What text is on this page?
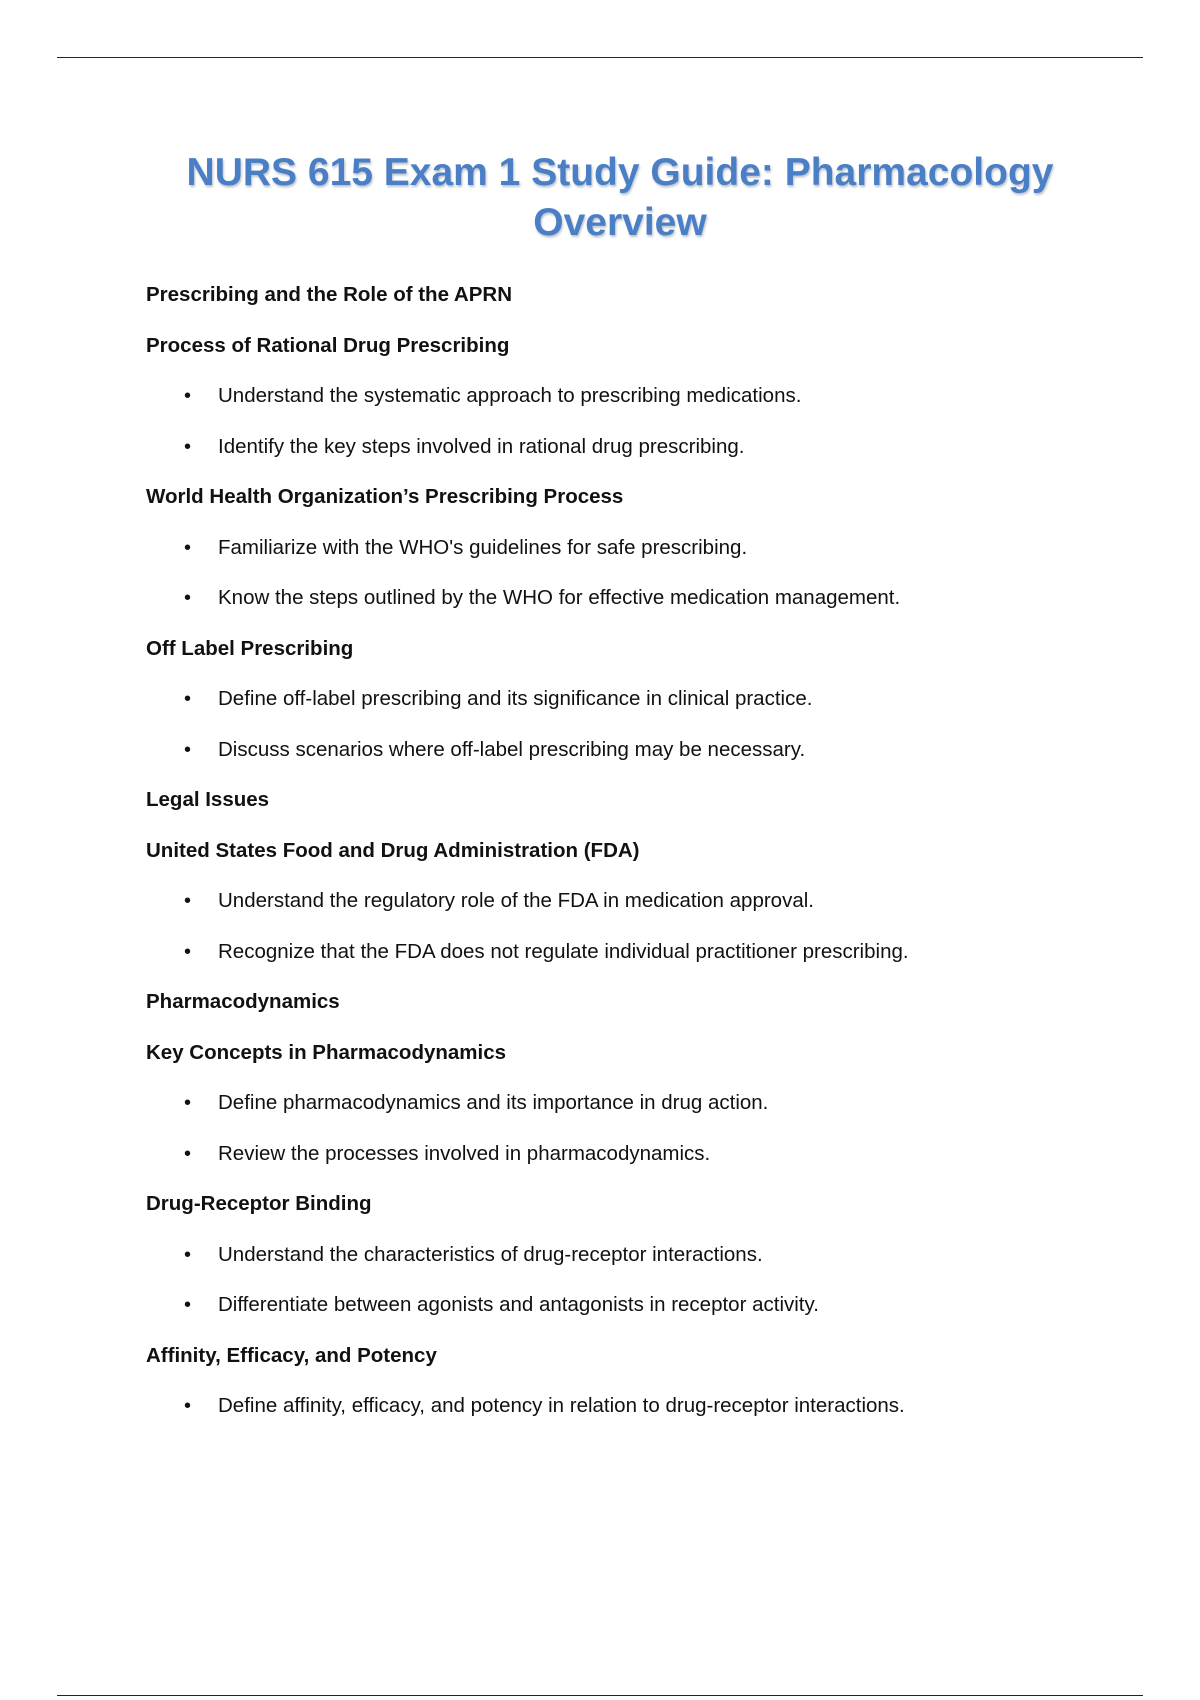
NURS 615 Exam 1 Study Guide: Pharmacology Overview
Prescribing and the Role of the APRN
Process of Rational Drug Prescribing
• Understand the systematic approach to prescribing medications.
• Identify the key steps involved in rational drug prescribing.
World Health Organization’s Prescribing Process
• Familiarize with the WHO's guidelines for safe prescribing.
• Know the steps outlined by the WHO for effective medication management.
Off Label Prescribing
• Define off-label prescribing and its significance in clinical practice.
• Discuss scenarios where off-label prescribing may be necessary.
Legal Issues
United States Food and Drug Administration (FDA)
• Understand the regulatory role of the FDA in medication approval.
• Recognize that the FDA does not regulate individual practitioner prescribing.
Pharmacodynamics
Key Concepts in Pharmacodynamics
• Define pharmacodynamics and its importance in drug action.
• Review the processes involved in pharmacodynamics.
Drug-Receptor Binding
• Understand the characteristics of drug-receptor interactions.
• Differentiate between agonists and antagonists in receptor activity.
Affinity, Efficacy, and Potency
• Define affinity, efficacy, and potency in relation to drug-receptor interactions.
